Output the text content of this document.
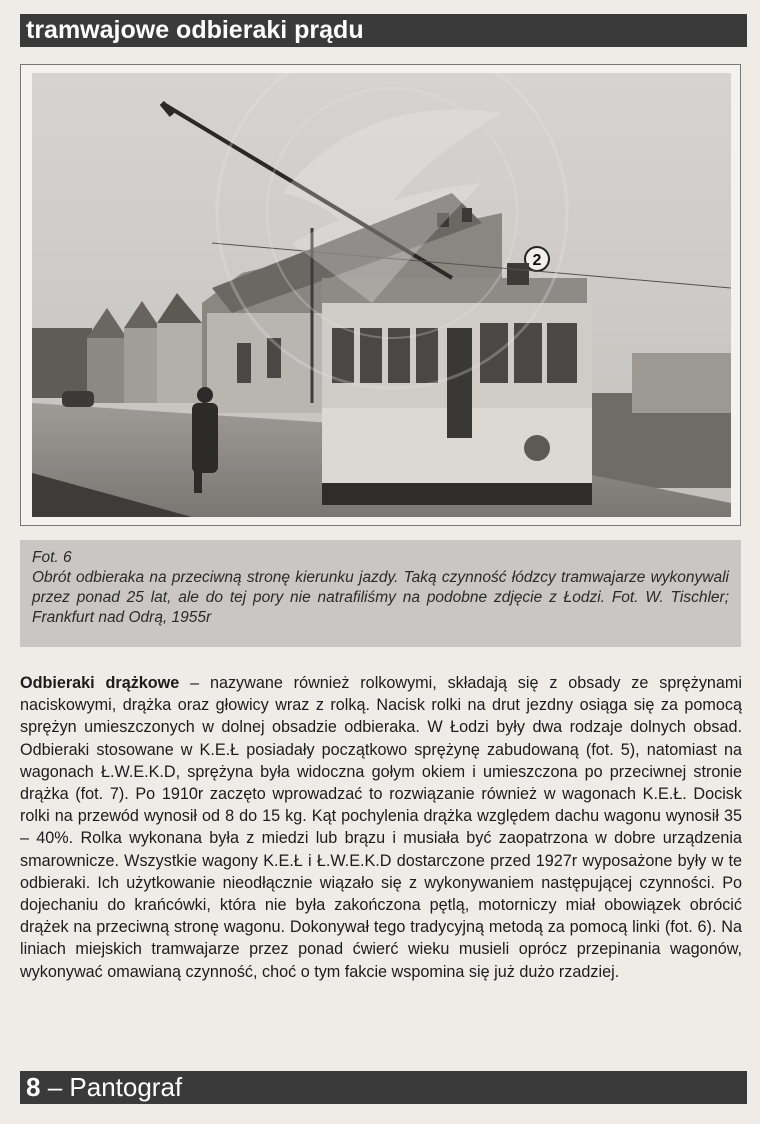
tramwajowe odbieraki prądu
2
Fot. 6
Obrót odbieraka na przeciwną stronę kierunku jazdy. Taką czynność łódzcy tramwajarze wykonywali przez ponad 25 lat, ale do tej pory nie natrafiliśmy na podobne zdjęcie z Łodzi. Fot. W. Tischler; Frankfurt nad Odrą, 1955r
Odbieraki drążkowe – nazywane również rolkowymi, składają się z obsady ze sprężynami naciskowymi, drążka oraz głowicy wraz z rolką. Nacisk rolki na drut jezdny osiąga się za pomocą sprężyn umieszczonych w dolnej obsadzie odbieraka. W Łodzi były dwa rodzaje dolnych obsad. Odbieraki stosowane w K.E.Ł posiadały początkowo sprężynę zabudowaną (fot. 5), natomiast na wagonach Ł.W.E.K.D, sprężyna była widoczna gołym okiem i umieszczona po przeciwnej stronie drążka (fot. 7). Po 1910r zaczęto wprowadzać to rozwiązanie również w wagonach K.E.Ł. Docisk rolki na przewód wynosił od 8 do 15 kg. Kąt pochylenia drążka względem dachu wagonu wynosił 35 – 40%. Rolka wykonana była z miedzi lub brązu i musiała być zaopatrzona w dobre urządzenia smarownicze. Wszystkie wagony K.E.Ł i Ł.W.E.K.D dostarczone przed 1927r wyposażone były w te odbieraki. Ich użytkowanie nieodłącznie wiązało się z wykonywaniem następującej czynności. Po dojechaniu do krańcówki, która nie była zakończona pętlą, motorniczy miał obowiązek obrócić drążek na przeciwną stronę wagonu. Dokonywał tego tradycyjną metodą za pomocą linki (fot. 6). Na liniach miejskich tramwajarze przez ponad ćwierć wieku musieli oprócz przepinania wagonów, wykonywać omawianą czynność, choć o tym fakcie wspomina się już dużo rzadziej.
8 – Pantograf
